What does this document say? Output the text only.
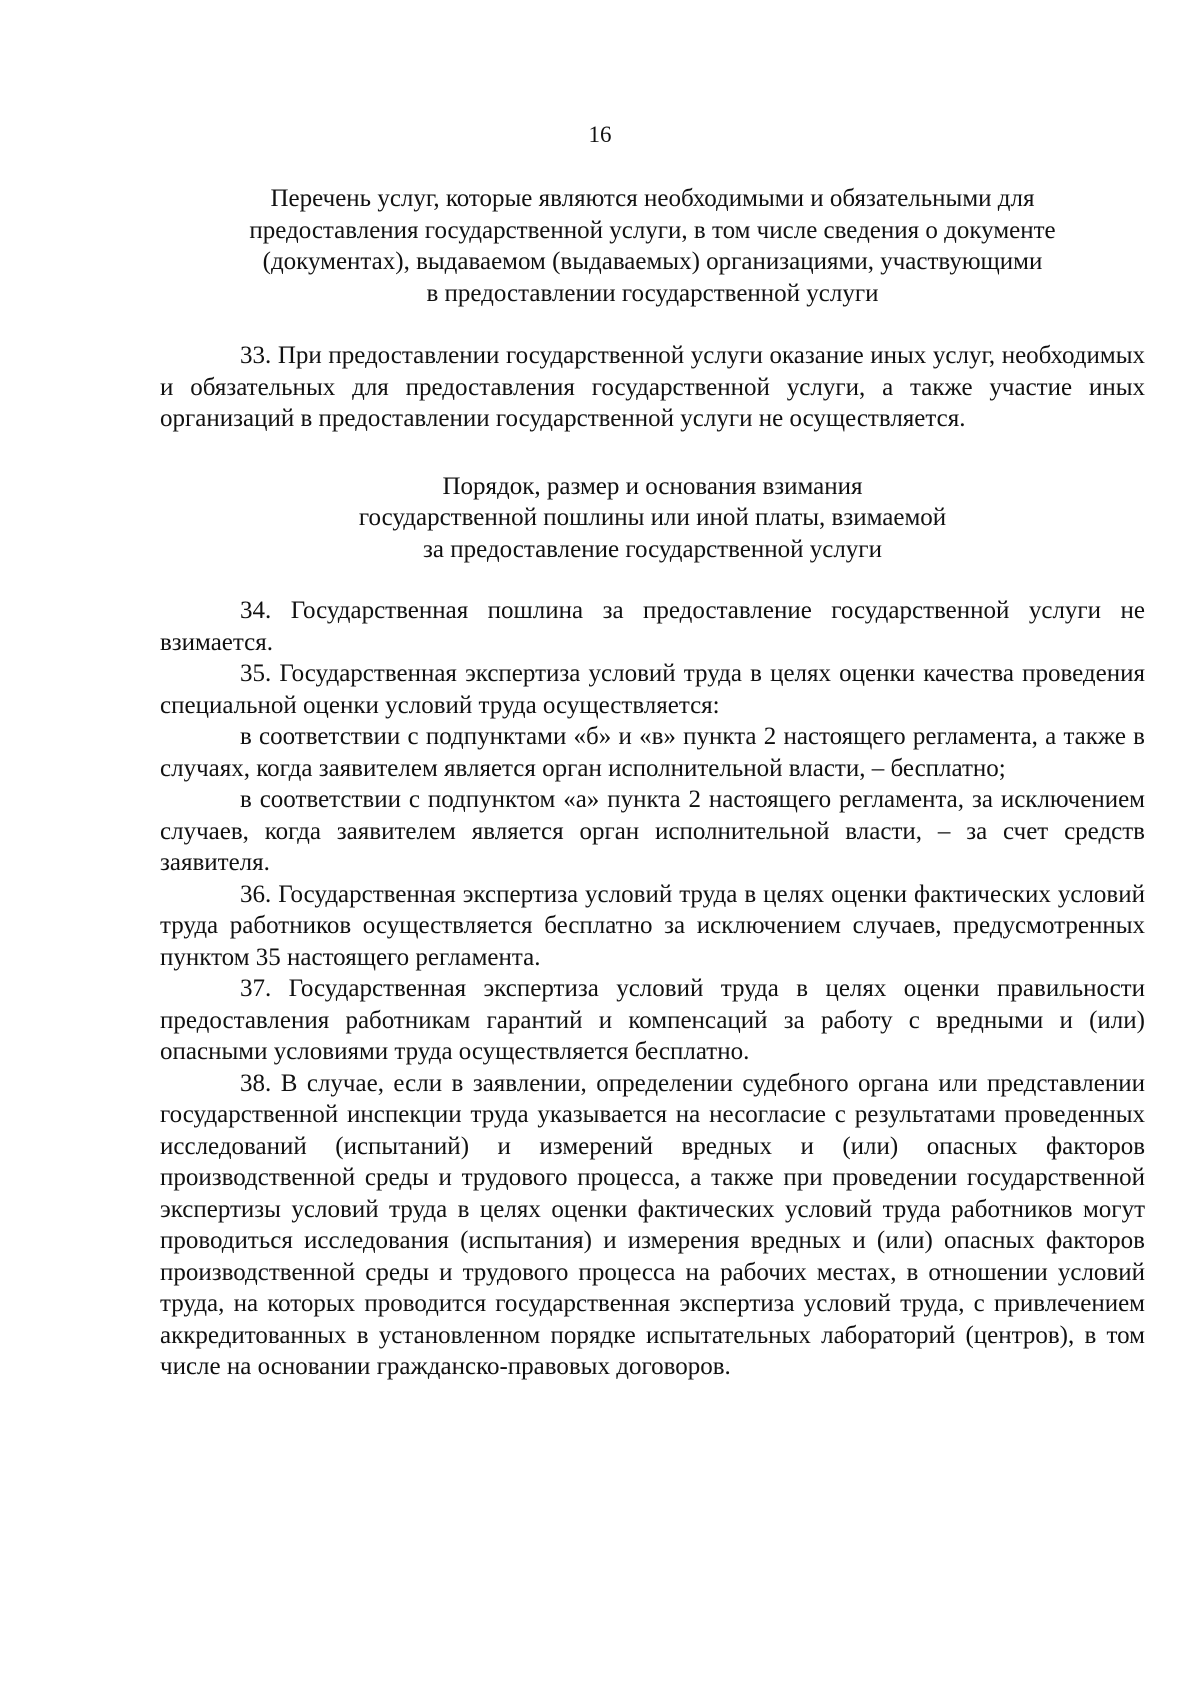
16
Перечень услуг, которые являются необходимыми и обязательными для
предоставления государственной услуги, в том числе сведения о документе
(документах), выдаваемом (выдаваемых) организациями, участвующими
в предоставлении государственной услуги

33. При предоставлении государственной услуги оказание иных услуг, необходимых и обязательных для предоставления государственной услуги, а также участие иных организаций в предоставлении государственной услуги не осуществляется.

Порядок, размер и основания взимания
государственной пошлины или иной платы, взимаемой
за предоставление государственной услуги

34. Государственная пошлина за предоставление государственной услуги не взимается.

35. Государственная экспертиза условий труда в целях оценки качества проведения специальной оценки условий труда осуществляется:

в соответствии с подпунктами «б» и «в» пункта 2 настоящего регламента, а также в случаях, когда заявителем является орган исполнительной власти, – бесплатно;

в соответствии с подпунктом «а» пункта 2 настоящего регламента, за исключением случаев, когда заявителем является орган исполнительной власти, – за счет средств заявителя.

36. Государственная экспертиза условий труда в целях оценки фактических условий труда работников осуществляется бесплатно за исключением случаев, предусмотренных пунктом 35 настоящего регламента.

37. Государственная экспертиза условий труда в целях оценки правильности предоставления работникам гарантий и компенсаций за работу с вредными и (или) опасными условиями труда осуществляется бесплатно.

38. В случае, если в заявлении, определении судебного органа или представлении государственной инспекции труда указывается на несогласие с результатами проведенных исследований (испытаний) и измерений вредных и (или) опасных факторов производственной среды и трудового процесса, а также при проведении государственной экспертизы условий труда в целях оценки фактических условий труда работников могут проводиться исследования (испытания) и измерения вредных и (или) опасных факторов производственной среды и трудового процесса на рабочих местах, в отношении условий труда, на которых проводится государственная экспертиза условий труда, с привлечением аккредитованных в установленном порядке испытательных лабораторий (центров), в том числе на основании гражданско-правовых договоров.
